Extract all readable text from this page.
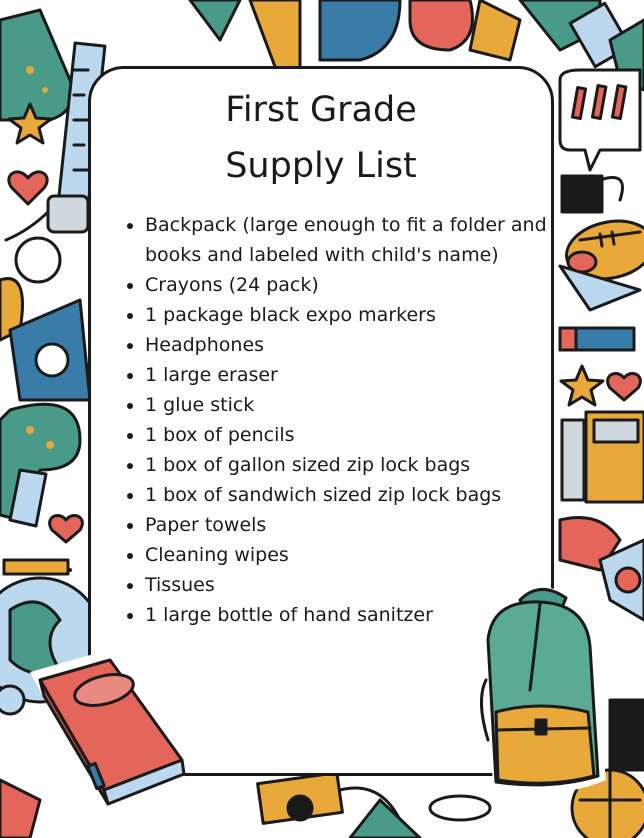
First Grade
Supply List
Backpack (large enough to fit a folder and books and labeled with child's name)
Crayons (24 pack)
1 package black expo markers
Headphones
1 large eraser
1 glue stick
1 box of pencils
1 box of gallon sized zip lock bags
1 box of sandwich sized zip lock bags
Paper towels
Cleaning wipes
Tissues
1 large bottle of hand sanitzer
